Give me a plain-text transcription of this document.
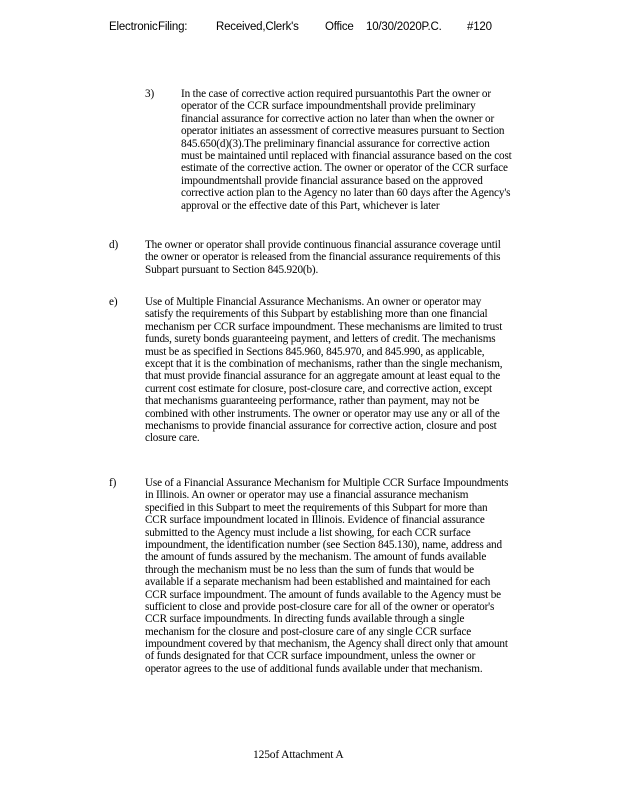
Electronic Filing: Received,Clerk's Office 10/30/2020P.C. #120
3) In the case of corrective action required pursuantothis Part the owner or
operator of the CCR surface impoundmentshall provide preliminary
financial assurance for corrective action no later than when the owner or
operator initiates an assessment of corrective measures pursuant to Section
845.650(d)(3).The preliminary financial assurance for corrective action
must be maintained until replaced with financial assurance based on the cost
estimate of the corrective action. The owner or operator of the CCR surface
impoundmentshall provide financial assurance based on the approved
corrective action plan to the Agency no later than 60 days after the Agency's
approval or the effective date of this Part, whichever is later
d) The owner or operator shall provide continuous financial assurance coverage until
the owner or operator is released from the financial assurance requirements of this
Subpart pursuant to Section 845.920(b).
e) Use of Multiple Financial Assurance Mechanisms. An owner or operator may
satisfy the requirements of this Subpart by establishing more than one financial
mechanism per CCR surface impoundment. These mechanisms are limited to trust
funds, surety bonds guaranteeing payment, and letters of credit. The mechanisms
must be as specified in Sections 845.960, 845.970, and 845.990, as applicable,
except that it is the combination of mechanisms, rather than the single mechanism,
that must provide financial assurance for an aggregate amount at least equal to the
current cost estimate for closure, post-closure care, and corrective action, except
that mechanisms guaranteeing performance, rather than payment, may not be
combined with other instruments. The owner or operator may use any or all of the
mechanisms to provide financial assurance for corrective action, closure and post
closure care.
f)	Use of a Financial Assurance Mechanism for Multiple CCR Surface Impoundments
in Illinois. An owner or operator may use a financial assurance mechanism
specified in this Subpart to meet the requirements of this Subpart for more than
CCR surface impoundment located in Illinois. Evidence of financial assurance
submitted to the Agency must include a list showing, for each CCR surface
impoundment, the identification number (see Section 845.130), name, address and
the amount of funds assured by the mechanism. The amount of funds available
through the mechanism must be no less than the sum of funds that would be
available if a separate mechanism had been established and maintained for each
CCR surface impoundment. The amount of funds available to the Agency must be
sufficient to close and provide post-closure care for all of the owner or operator's
CCR surface impoundments. In directing funds available through a single
mechanism for the closure and post-closure care of any single CCR surface
impoundment covered by that mechanism, the Agency shall direct only that amount
of funds designated for that CCR surface impoundment, unless the owner or
operator agrees to the use of additional funds available under that mechanism.
125of Attachment A
